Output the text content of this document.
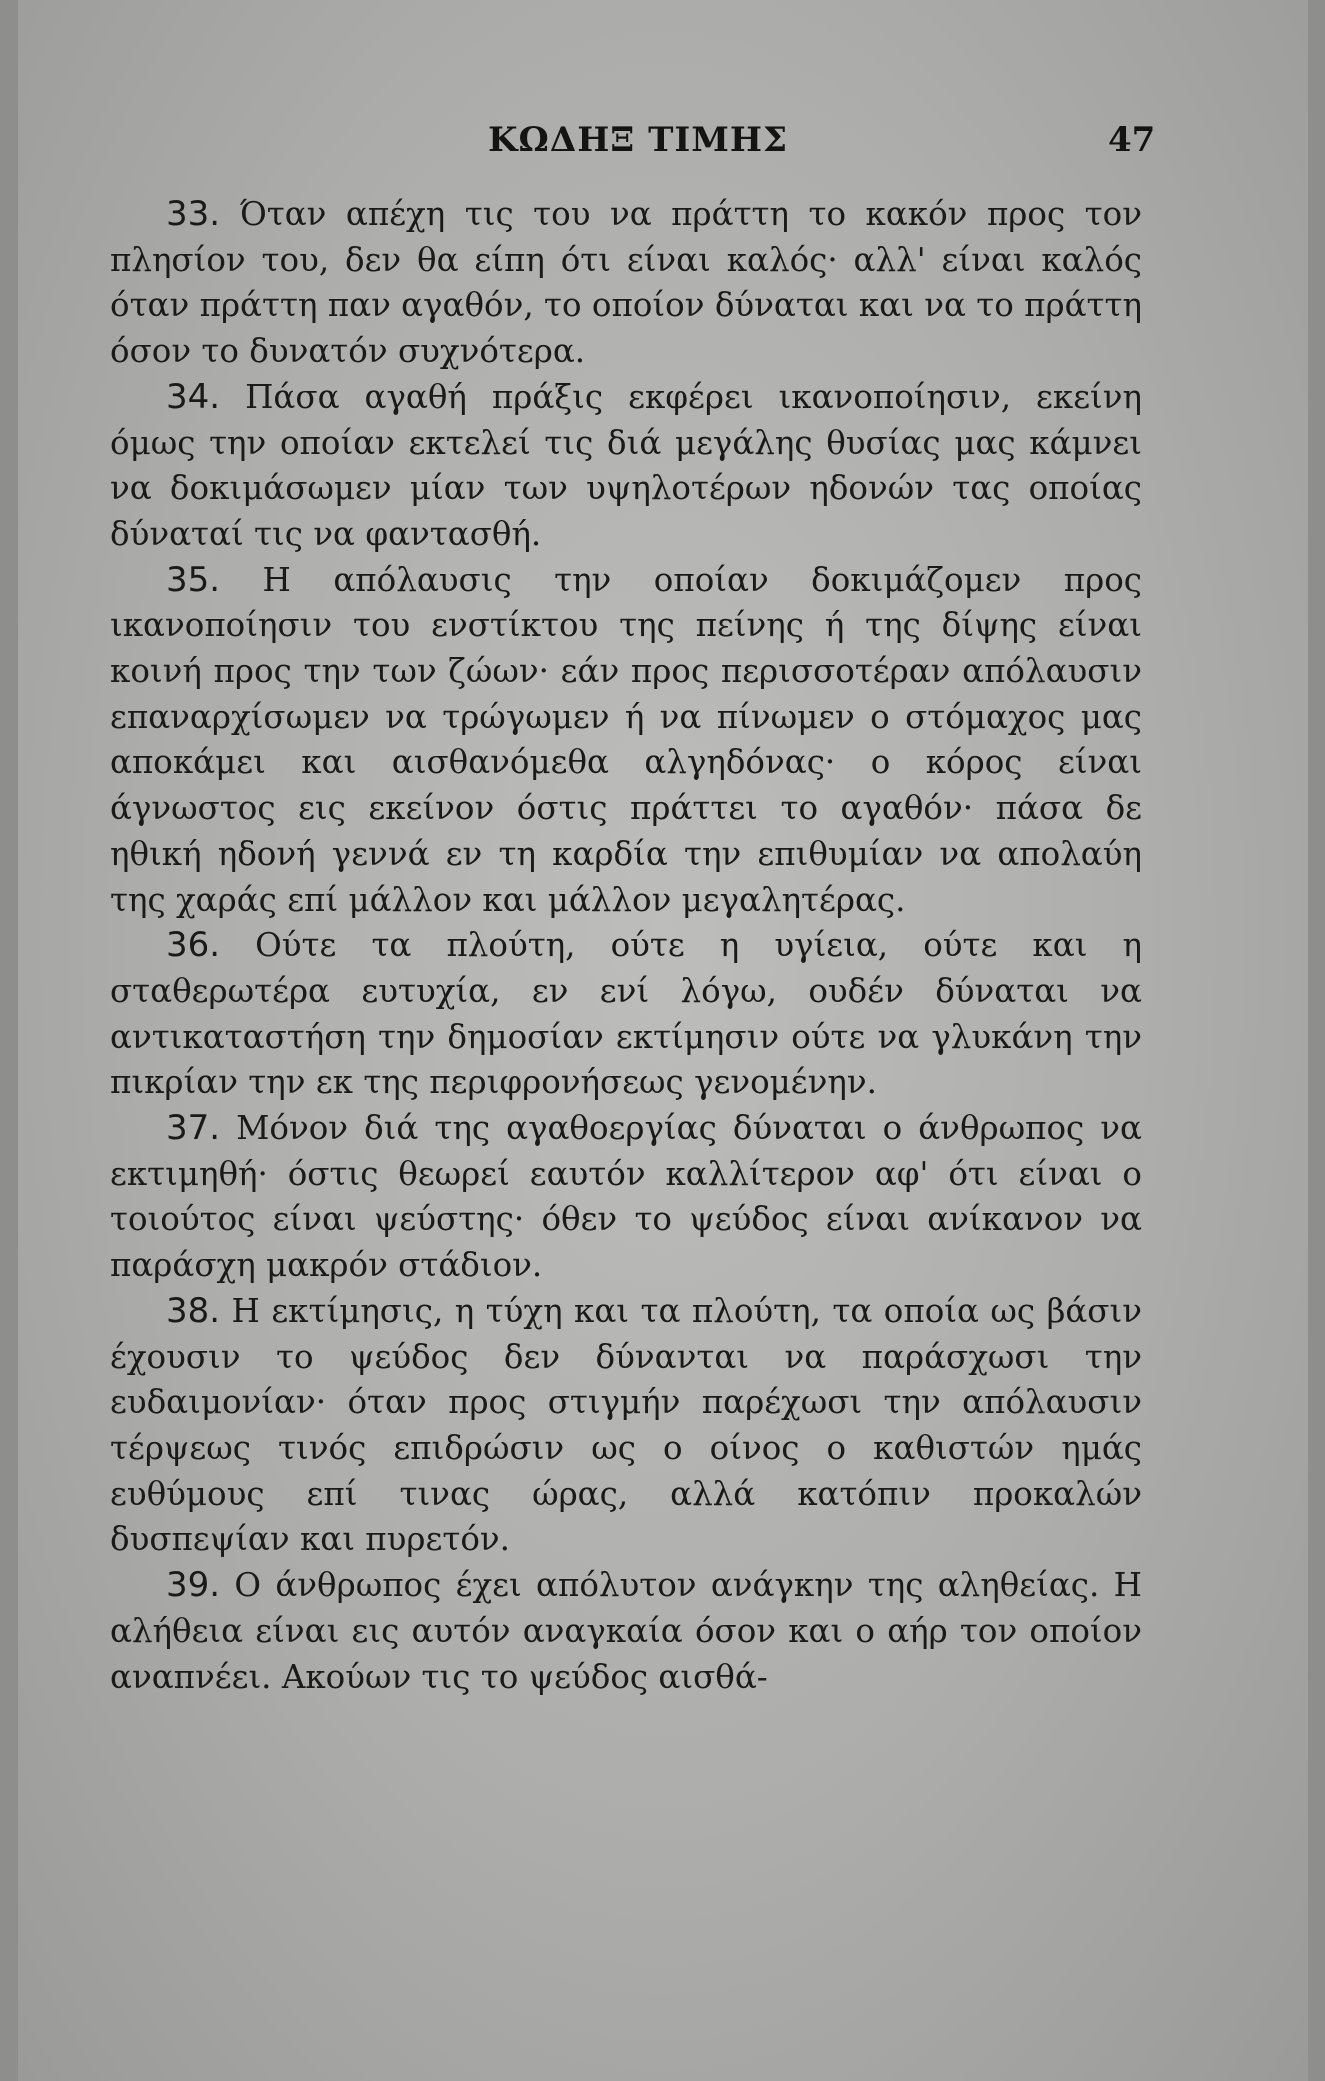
ΚΩΔΗΞ ΤΙΜΗΣ	47

33. Όταν απέχη τις του να πράττη το κακόν προς τον πλησίον του, δεν θα είπη ότι είναι καλός· αλλ' είναι καλός όταν πράττη παν αγαθόν, το οποίον δύναται και να το πράττη όσον το δυνατόν συχνότερα.

34. Πάσα αγαθή πράξις εκφέρει ικανοποίησιν, εκείνη όμως την οποίαν εκτελεί τις διά μεγάλης θυσίας μας κάμνει να δοκιμάσωμεν μίαν των υψηλοτέρων ηδονών τας οποίας δύναταί τις να φαντασθή.

35. Η απόλαυσις την οποίαν δοκιμάζομεν προς ικανοποίησιν του ενστίκτου της πείνης ή της δίψης είναι κοινή προς την των ζώων· εάν προς περισσοτέραν απόλαυσιν επαναρχίσωμεν να τρώγωμεν ή να πίνωμεν ο στόμαχος μας αποκάμει και αισθανόμεθα αλγηδόνας· ο κόρος είναι άγνωστος εις εκείνον όστις πράττει το αγαθόν· πάσα δε ηθική ηδονή γεννά εν τη καρδία την επιθυμίαν να απολαύη της χαράς επί μάλλον και μάλλον μεγαλητέρας.

36. Ούτε τα πλούτη, ούτε η υγίεια, ούτε και η σταθερωτέρα ευτυχία, εν ενί λόγω, ουδέν δύναται να αντικαταστήση την δημοσίαν εκτίμησιν ούτε να γλυκάνη την πικρίαν την εκ της περιφρονήσεως γενομένην.

37. Μόνον διά της αγαθοεργίας δύναται ο άνθρωπος να εκτιμηθή· όστις θεωρεί εαυτόν καλλίτερον αφ' ότι είναι ο τοιούτος είναι ψεύστης· όθεν το ψεύδος είναι ανίκανον να παράσχη μακρόν στάδιον.

38. Η εκτίμησις, η τύχη και τα πλούτη, τα οποία ως βάσιν έχουσιν το ψεύδος δεν δύνανται να παράσχωσι την ευδαιμονίαν· όταν προς στιγμήν παρέχωσι την απόλαυσιν τέρψεως τινός επιδρώσιν ως ο οίνος ο καθιστών ημάς ευθύμους επί τινας ώρας, αλλά κατόπιν προκαλών δυσπεψίαν και πυρετόν.

39. Ο άνθρωπος έχει απόλυτον ανάγκην της αληθείας. Η αλήθεια είναι εις αυτόν αναγκαία όσον και ο αήρ τον οποίον αναπνέει. Ακούων τις το ψεύδος αισθά-
